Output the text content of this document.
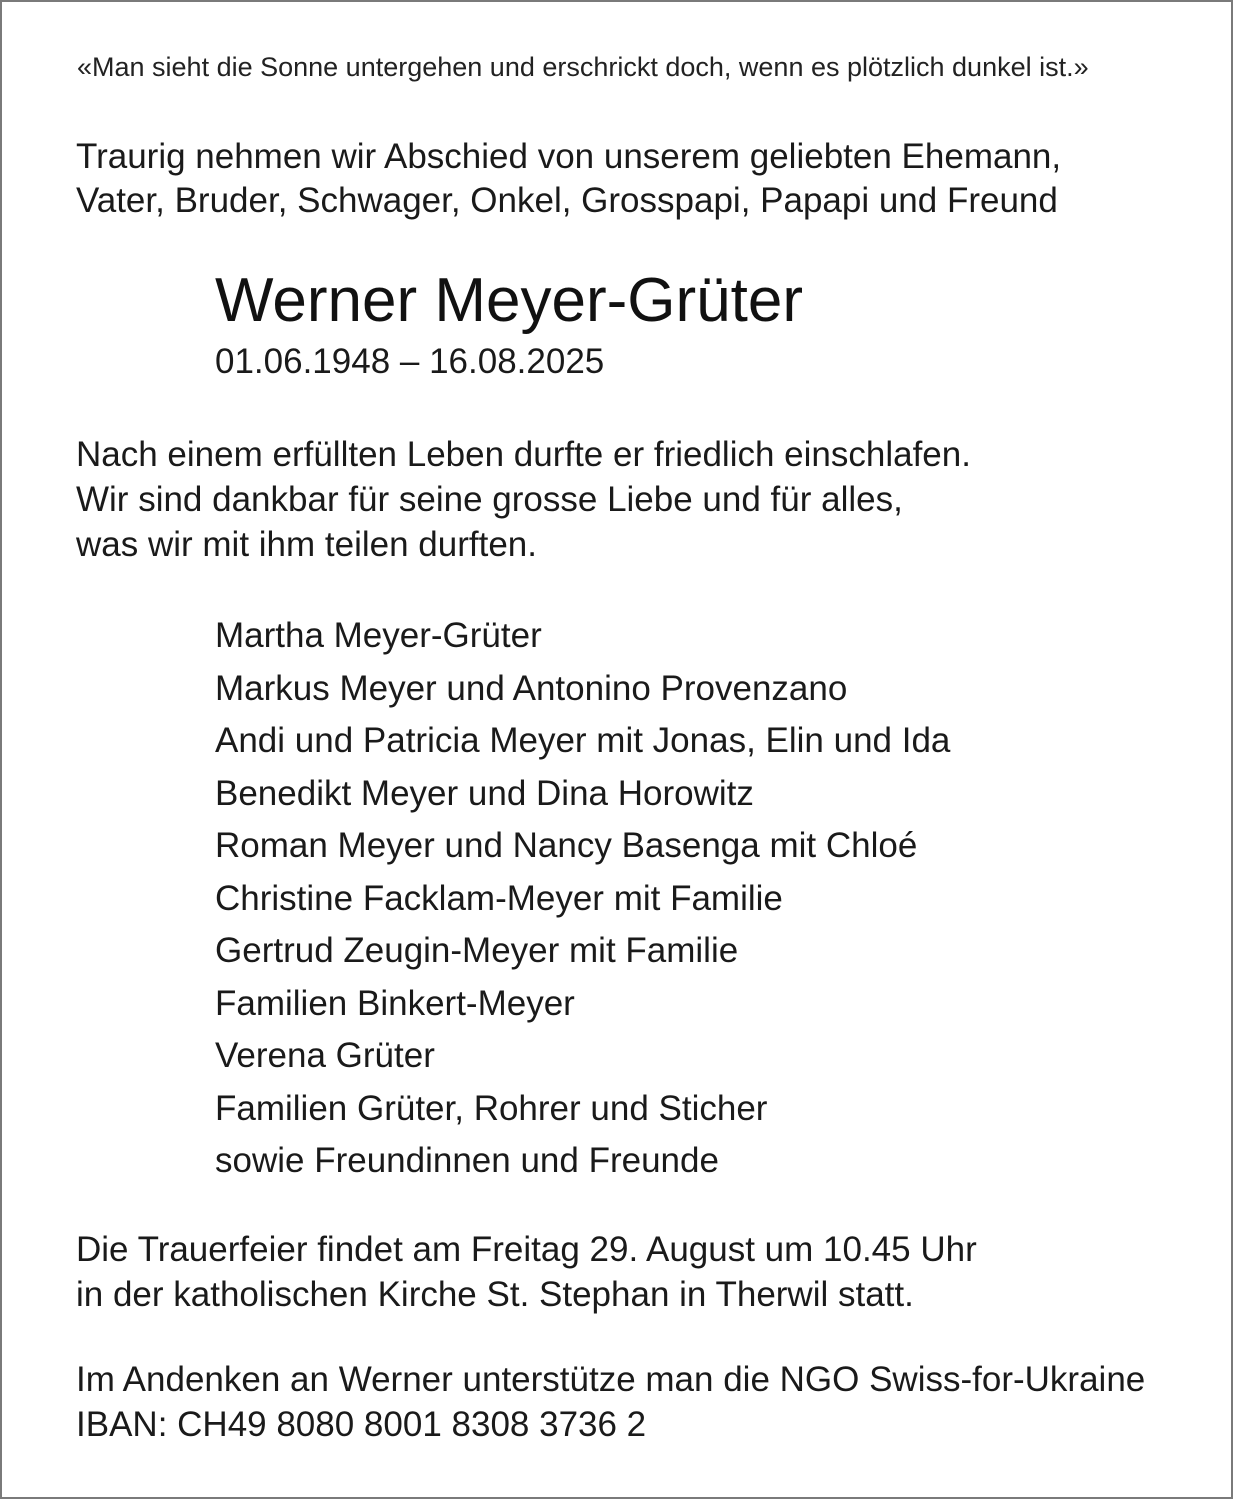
«Man sieht die Sonne untergehen und erschrickt doch, wenn es plötzlich dunkel ist.»

Traurig nehmen wir Abschied von unserem geliebten Ehemann,
Vater, Bruder, Schwager, Onkel, Grosspapi, Papapi und Freund

Werner Meyer-Grüter

01.06.1948 – 16.08.2025

Nach einem erfüllten Leben durfte er friedlich einschlafen.
Wir sind dankbar für seine grosse Liebe und für alles,
was wir mit ihm teilen durften.

Martha Meyer-Grüter
Markus Meyer und Antonino Provenzano
Andi und Patricia Meyer mit Jonas, Elin und Ida
Benedikt Meyer und Dina Horowitz
Roman Meyer und Nancy Basenga mit Chloé
Christine Facklam-Meyer mit Familie
Gertrud Zeugin-Meyer mit Familie
Familien Binkert-Meyer
Verena Grüter
Familien Grüter, Rohrer und Sticher
sowie Freundinnen und Freunde

Die Trauerfeier findet am Freitag 29. August um 10.45 Uhr
in der katholischen Kirche St. Stephan in Therwil statt.

Im Andenken an Werner unterstütze man die NGO Swiss-for-Ukraine
IBAN: CH49 8080 8001 8308 3736 2
